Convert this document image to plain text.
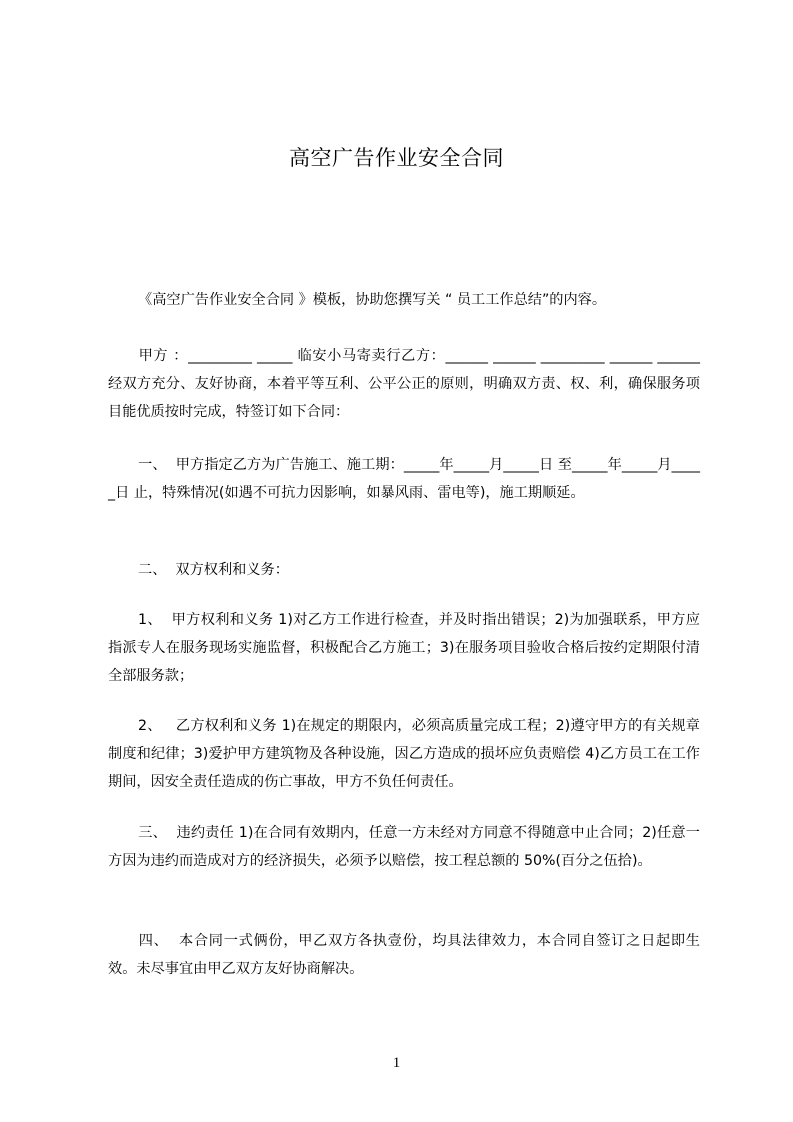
高空广告作业安全合同
《高空广告作业安全合同 》模板，协助您撰写关 “ 员工工作总结”的内容。
甲方 ：_________ _____ 临安小马寄卖行乙方：______ ______ _________ ______ ______ 经双方充分、友好协商，本着平等互利、公平公正的原则，明确双方责、权、利，确保服务项目能优质按时完成，特签订如下合同：
一、  甲方指定乙方为广告施工、施工期：_____年_____月_____日 至_____年_____月_____日 止，特殊情况(如遇不可抗力因影响，如暴风雨、雷电等)，施工期顺延。
二、  双方权利和义务：
1、  甲方权利和义务 1)对乙方工作进行检查，并及时指出错误；2)为加强联系，甲方应指派专人在服务现场实施监督，积极配合乙方施工；3)在服务项目验收合格后按约定期限付清全部服务款；
2、   乙方权利和义务 1)在规定的期限内，必须高质量完成工程；2)遵守甲方的有关规章制度和纪律；3)爱护甲方建筑物及各种设施，因乙方造成的损坏应负责赔偿 4)乙方员工在工作期间，因安全责任造成的伤亡事故，甲方不负任何责任。
三、  违约责任 1)在合同有效期内，任意一方未经对方同意不得随意中止合同；2)任意一方因为违约而造成对方的经济损失，必须予以赔偿，按工程总额的 50%(百分之伍拾)。
四、  本合同一式俩份，甲乙双方各执壹份，均具法律效力，本合同自签订之日起即生效。未尽事宜由甲乙双方友好协商解决。
1
